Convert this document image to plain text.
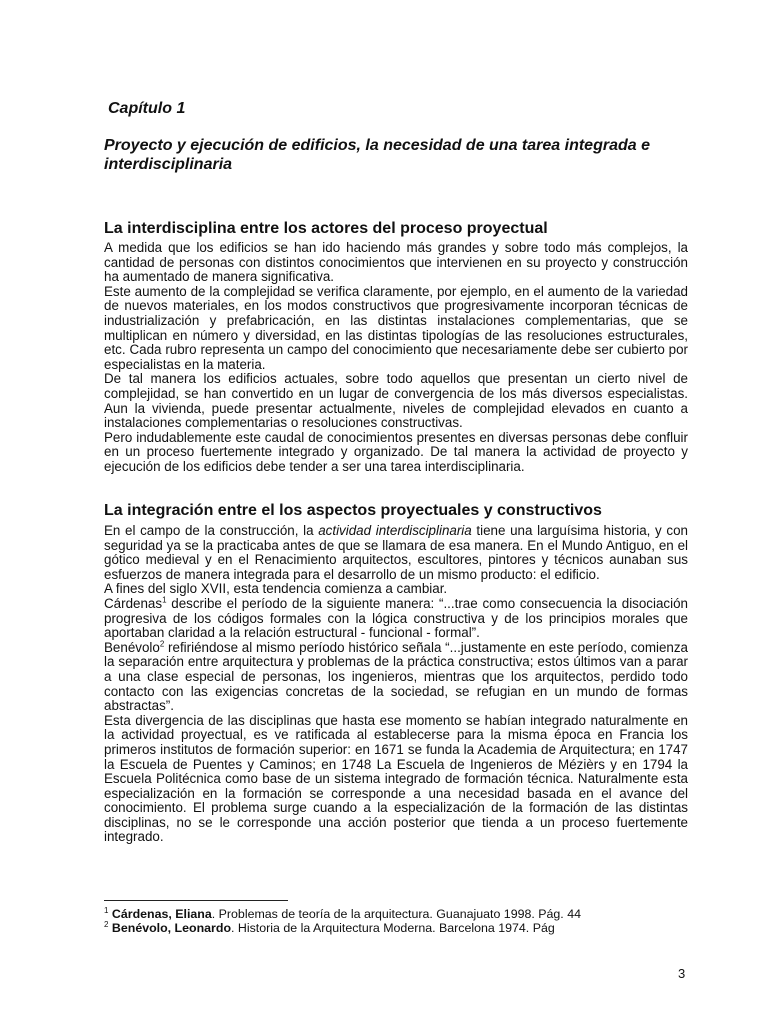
Capítulo 1
Proyecto y ejecución de edificios, la necesidad de una tarea integrada e interdisciplinaria
La interdisciplina entre los actores del proceso proyectual

A medida que los edificios se han ido haciendo más grandes y sobre todo más complejos, la cantidad de personas con distintos conocimientos que intervienen en su proyecto y construcción ha aumentado de manera significativa.

Este aumento de la complejidad se verifica claramente, por ejemplo, en el aumento de la variedad de nuevos materiales, en los modos constructivos que progresivamente incorporan técnicas de industrialización y prefabricación, en las distintas instalaciones complementarias, que se multiplican en número y diversidad, en las distintas tipologías de las resoluciones estructurales, etc. Cada rubro representa un campo del conocimiento que necesariamente debe ser cubierto por especialistas en la materia.

De tal manera los edificios actuales, sobre todo aquellos que presentan un cierto nivel de complejidad, se han convertido en un lugar de convergencia de los más diversos especialistas. Aun la vivienda, puede presentar actualmente, niveles de complejidad elevados en cuanto a instalaciones complementarias o resoluciones constructivas.

Pero indudablemente este caudal de conocimientos presentes en diversas personas debe confluir en un proceso fuertemente integrado y organizado. De tal manera la actividad de proyecto y ejecución de los edificios debe tender a ser una tarea interdisciplinaria.

La integración entre el los aspectos proyectuales y constructivos

En el campo de la construcción, la actividad interdisciplinaria tiene una larguísima historia, y con seguridad ya se la practicaba antes de que se llamara de esa manera. En el Mundo Antiguo, en el gótico medieval y en el Renacimiento arquitectos, escultores, pintores y técnicos aunaban sus esfuerzos de manera integrada para el desarrollo de un mismo producto: el edificio.

A fines del siglo XVII, esta tendencia comienza a cambiar.

Cárdenas$^1$ describe el período de la siguiente manera: “...trae como consecuencia la disociación progresiva de los códigos formales con la lógica constructiva y de los principios morales que aportaban claridad a la relación estructural - funcional - formal”.

Benévolo$^2$ refiriéndose al mismo período histórico señala “...justamente en este período, comienza la separación entre arquitectura y problemas de la práctica constructiva; estos últimos van a parar a una clase especial de personas, los ingenieros, mientras que los arquitectos, perdido todo contacto con las exigencias concretas de la sociedad, se refugian en un mundo de formas abstractas”.

Esta divergencia de las disciplinas que hasta ese momento se habían integrado naturalmente en la actividad proyectual, es ve ratificada al establecerse para la misma época en Francia los primeros institutos de formación superior: en 1671 se funda la Academia de Arquitectura; en 1747 la Escuela de Puentes y Caminos; en 1748 La Escuela de Ingenieros de Mézièrs y en 1794 la Escuela Politécnica como base de un sistema integrado de formación técnica. Naturalmente esta especialización en la formación se corresponde a una necesidad basada en el avance del conocimiento. El problema surge cuando a la especialización de la formación de las distintas disciplinas, no se le corresponde una acción posterior que tienda a un proceso fuertemente integrado.

$^1$ Cárdenas, Eliana. Problemas de teoría de la arquitectura. Guanajuato 1998. Pág. 44
$^2$ Benévolo, Leonardo. Historia de la Arquitectura Moderna. Barcelona 1974. Pág
3
